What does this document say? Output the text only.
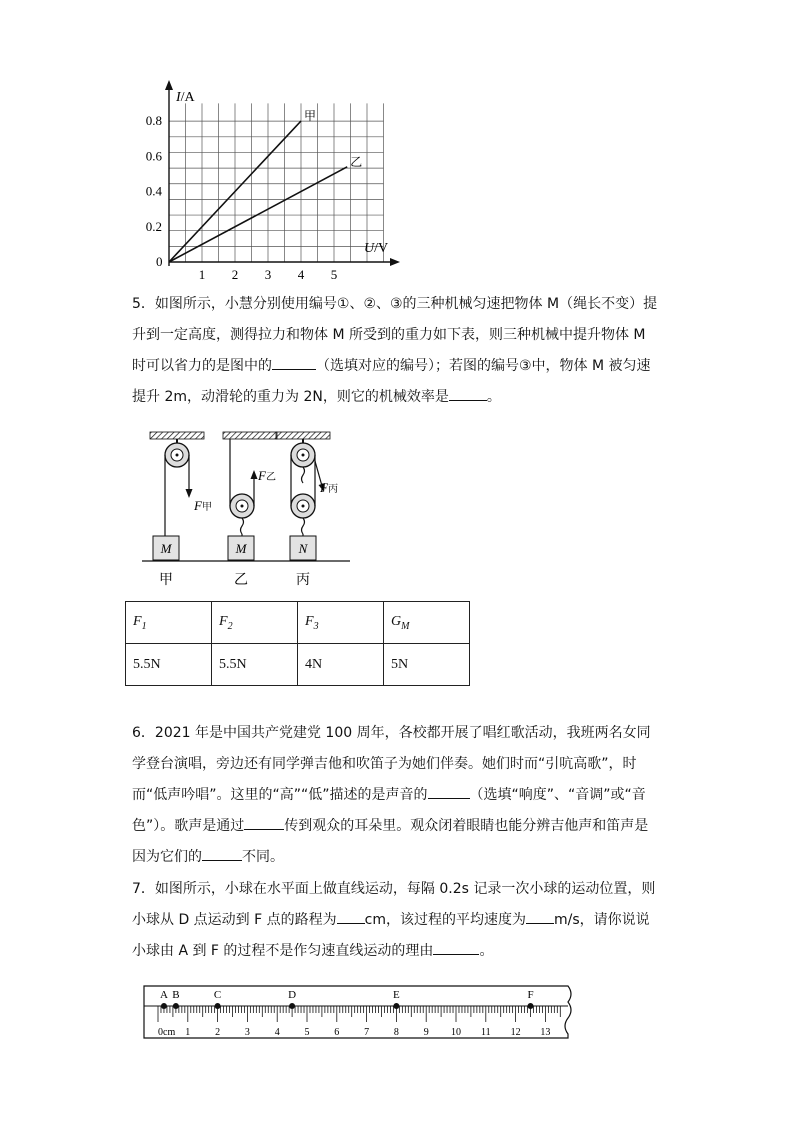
I/A
U/V
0
0.2
0.4
0.6
0.8
1 2 3 4 5
甲
乙

5．如图所示，小慧分别使用编号①、②、③的三种机械匀速把物体 M（绳长不变）提升到一定高度，测得拉力和物体 M 所受到的重力如下表，则三种机械中提升物体 M 时可以省力的是图中的	（选填对应的编号）；若图的编号③中，物体 M 被匀速提升 2m，动滑轮的重力为 2N，则它的机械效率是	。

F甲
F乙
F丙
M	M	N
甲	乙	丙
$F_1$	$F_2$	$F_3$	$G_M$
5.5N	5.5N	4N	5N

6．2021 年是中国共产党建党 100 周年，各校都开展了唱红歌活动，我班两名女同学登台演唱，旁边还有同学弹吉他和吹笛子为她们伴奏。她们时而“引吭高歌”，时而“低声吟唱”。这里的“高”“低”描述的是声音的	（选填“响度”、“音调”或“音色”）。歌声是通过	传到观众的耳朵里。观众闭着眼睛也能分辨吉他声和笛声是因为它们的	不同。

7．如图所示，小球在水平面上做直线运动，每隔 0.2s 记录一次小球的运动位置，则小球从 D 点运动到 F 点的路程为 cm，该过程的平均速度为 m/s，请你说说小球由 A 到 F 的过程不是作匀速直线运动的理由	。

1 2 3 4 5 6 7 8 9 10 11 12 13
A B	C	D	E	F
0cm
